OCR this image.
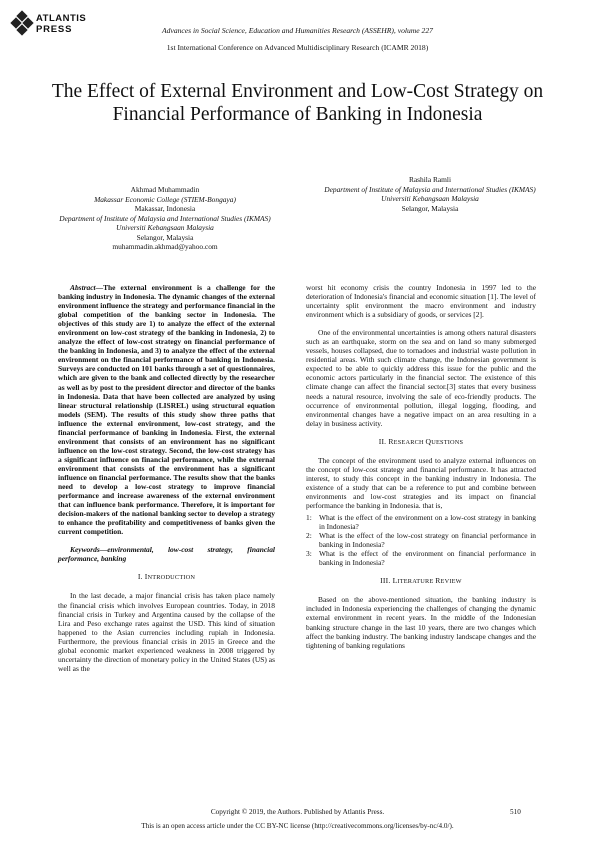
ATLANTIS
PRESS	Advances in Social Science, Education and Humanities Research (ASSEHR), volume 227
1st International Conference on Advanced Multidisciplinary Research (ICAMR 2018)
The Effect of External Environment and Low-Cost Strategy on Financial Performance of Banking in Indonesia
Akhmad Muhammadin
Makassar Economic College (STIEM-Bongaya)
Makassar, Indonesia
Department of Institute of Malaysia and International Studies (IKMAS)
Universiti Kebangsaan Malaysia
Selangor, Malaysia
muhammadin.akhmad@yahoo.com
Rashila Ramli
Department of Institute of Malaysia and International Studies (IKMAS)
Universiti Kebangsaan Malaysia
Selangor, Malaysia

Abstract—The external environment is a challenge for the banking industry in Indonesia. The dynamic changes of the external environment influence the strategy and performance financial in the global competition of the banking sector in Indonesia. The objectives of this study are 1) to analyze the effect of the external environment on low-cost strategy of the banking in Indonesia, 2) to analyze the effect of low-cost strategy on financial performance of the banking in Indonesia, and 3) to analyze the effect of the external environment on the financial performance of banking in Indonesia. Surveys are conducted on 101 banks through a set of questionnaires, which are given to the bank and collected directly by the researcher as well as by post to the president director and director of the banks in Indonesia. Data that have been collected are analyzed by using linear structural relationship (LISREL) using structural equation models (SEM). The results of this study show three paths that influence the external environment, low-cost strategy, and the financial performance of banking in Indonesia. First, the external environment that consists of an environment has no significant influence on the low-cost strategy. Second, the low-cost strategy has a significant influence on financial performance, while the external environment that consists of the environment has a significant influence on financial performance. The results show that the banks need to develop a low-cost strategy to improve financial performance and increase awareness of the external environment that can influence bank performance. Therefore, it is important for decision-makers of the national banking sector to develop a strategy to enhance the profitability and competitiveness of banks given the current competition.

Keywords—environmental, low-cost strategy, financial performance, banking

I. INTRODUCTION

In the last decade, a major financial crisis has taken place namely the financial crisis which involves European countries. Today, in 2018 financial crisis in Turkey and Argentina caused by the collapse of the Lira and Peso exchange rates against the USD. This kind of situation happened to the Asian currencies including rupiah in Indonesia. Furthermore, the previous financial crisis in 2015 in Greece and the global economic market experienced weakness in 2008 triggered by uncertainty the direction of monetary policy in the United States (US) as well as the

worst hit economy crisis the country Indonesia in 1997 led to the deterioration of Indonesia's financial and economic situation [1]. The level of uncertainty split environment the macro environment and industry environment which is a subsidiary of goods, or services [2].

One of the environmental uncertainties is among others natural disasters such as an earthquake, storm on the sea and on land so many submerged vessels, houses collapsed, due to tornadoes and industrial waste pollution in residential areas. With such climate change, the Indonesian government is expected to be able to quickly address this issue for the public and the economic actors particularly in the financial sector. The existence of this climate change can affect the financial sector.[3] states that every business needs a natural resource, involving the sale of eco-friendly products. The occurrence of environmental pollution, illegal logging, flooding, and environmental changes have a negative impact on an area resulting in a delay in business activity.

II. RESEARCH QUESTIONS

The concept of the environment used to analyze external influences on the concept of low-cost strategy and financial performance. It has attracted interest, to study this concept in the banking industry in Indonesia. The existence of a study that can be a reference to put and combine between environments and low-cost strategies and its impact on financial performance the banking in Indonesia. that is,

1: What is the effect of the environment on a low-cost strategy in banking in Indonesia?
2: What is the effect of the low-cost strategy on financial performance in banking in Indonesia?
3: What is the effect of the environment on financial performance in banking in Indonesia?

III. LITERATURE REVIEW

Based on the above-mentioned situation, the banking industry is included in Indonesia experiencing the challenges of changing the dynamic external environment in recent years. In the middle of the Indonesian banking structure change in the last 10 years, there are two changes which affect the banking industry. The banking industry landscape changes and the tightening of banking regulations

Copyright © 2019, the Authors. Published by Atlantis Press.	510
This is an open access article under the CC BY-NC license (http://creativecommons.org/licenses/by-nc/4.0/).
